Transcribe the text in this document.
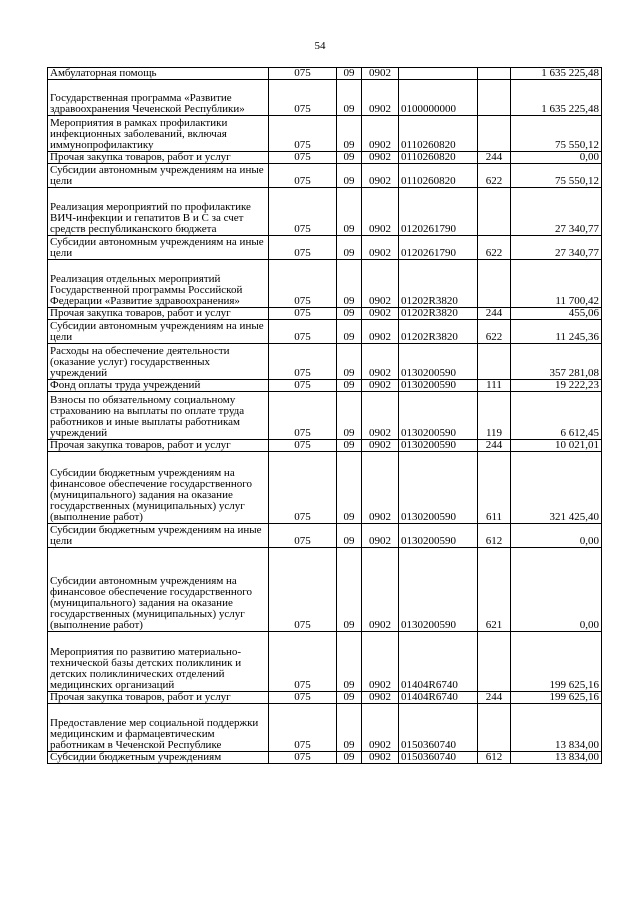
54
Амбулаторная помощь	075	09	0902			1 635 225,48
Государственная программа «Развитие здравоохранения Чеченской Республики»	075	09	0902	0100000000		1 635 225,48
Мероприятия в рамках профилактики инфекционных заболеваний, включая иммунопрофилактику	075	09	0902	0110260820		75 550,12
Прочая закупка товаров, работ и услуг	075	09	0902	0110260820	244	0,00
Субсидии автономным учреждениям на иные цели	075	09	0902	0110260820	622	75 550,12
Реализация мероприятий по профилактике ВИЧ-инфекции и гепатитов В и С за счет средств республиканского бюджета	075	09	0902	0120261790		27 340,77
Субсидии автономным учреждениям на иные цели	075	09	0902	0120261790	622	27 340,77
Реализация отдельных мероприятий Государственной программы Российской Федерации «Развитие здравоохранения»	075	09	0902	01202R3820		11 700,42
Прочая закупка товаров, работ и услуг	075	09	0902	01202R3820	244	455,06
Субсидии автономным учреждениям на иные цели	075	09	0902	01202R3820	622	11 245,36
Расходы на обеспечение деятельности (оказание услуг) государственных учреждений	075	09	0902	0130200590		357 281,08
Фонд оплаты труда учреждений	075	09	0902	0130200590	111	19 222,23
Взносы по обязательному социальному страхованию на выплаты по оплате труда работников и иные выплаты работникам учреждений	075	09	0902	0130200590	119	6 612,45
Прочая закупка товаров, работ и услуг	075	09	0902	0130200590	244	10 021,01
Субсидии бюджетным учреждениям на финансовое обеспечение государственного (муниципального) задания на оказание государственных (муниципальных) услуг (выполнение работ)	075	09	0902	0130200590	611	321 425,40
Субсидии бюджетным учреждениям на иные цели	075	09	0902	0130200590	612	0,00
Субсидии автономным учреждениям на финансовое обеспечение государственного (муниципального) задания на оказание государственных (муниципальных) услуг (выполнение работ)	075	09	0902	0130200590	621	0,00
Мероприятия по развитию материально-технической базы детских поликлиник и детских поликлинических отделений медицинских организаций	075	09	0902	01404R6740		199 625,16
Прочая закупка товаров, работ и услуг	075	09	0902	01404R6740	244	199 625,16
Предоставление мер социальной поддержки медицинским и фармацевтическим работникам в Чеченской Республике	075	09	0902	0150360740		13 834,00
Субсидии бюджетным учреждениям	075	09	0902	0150360740	612	13 834,00
